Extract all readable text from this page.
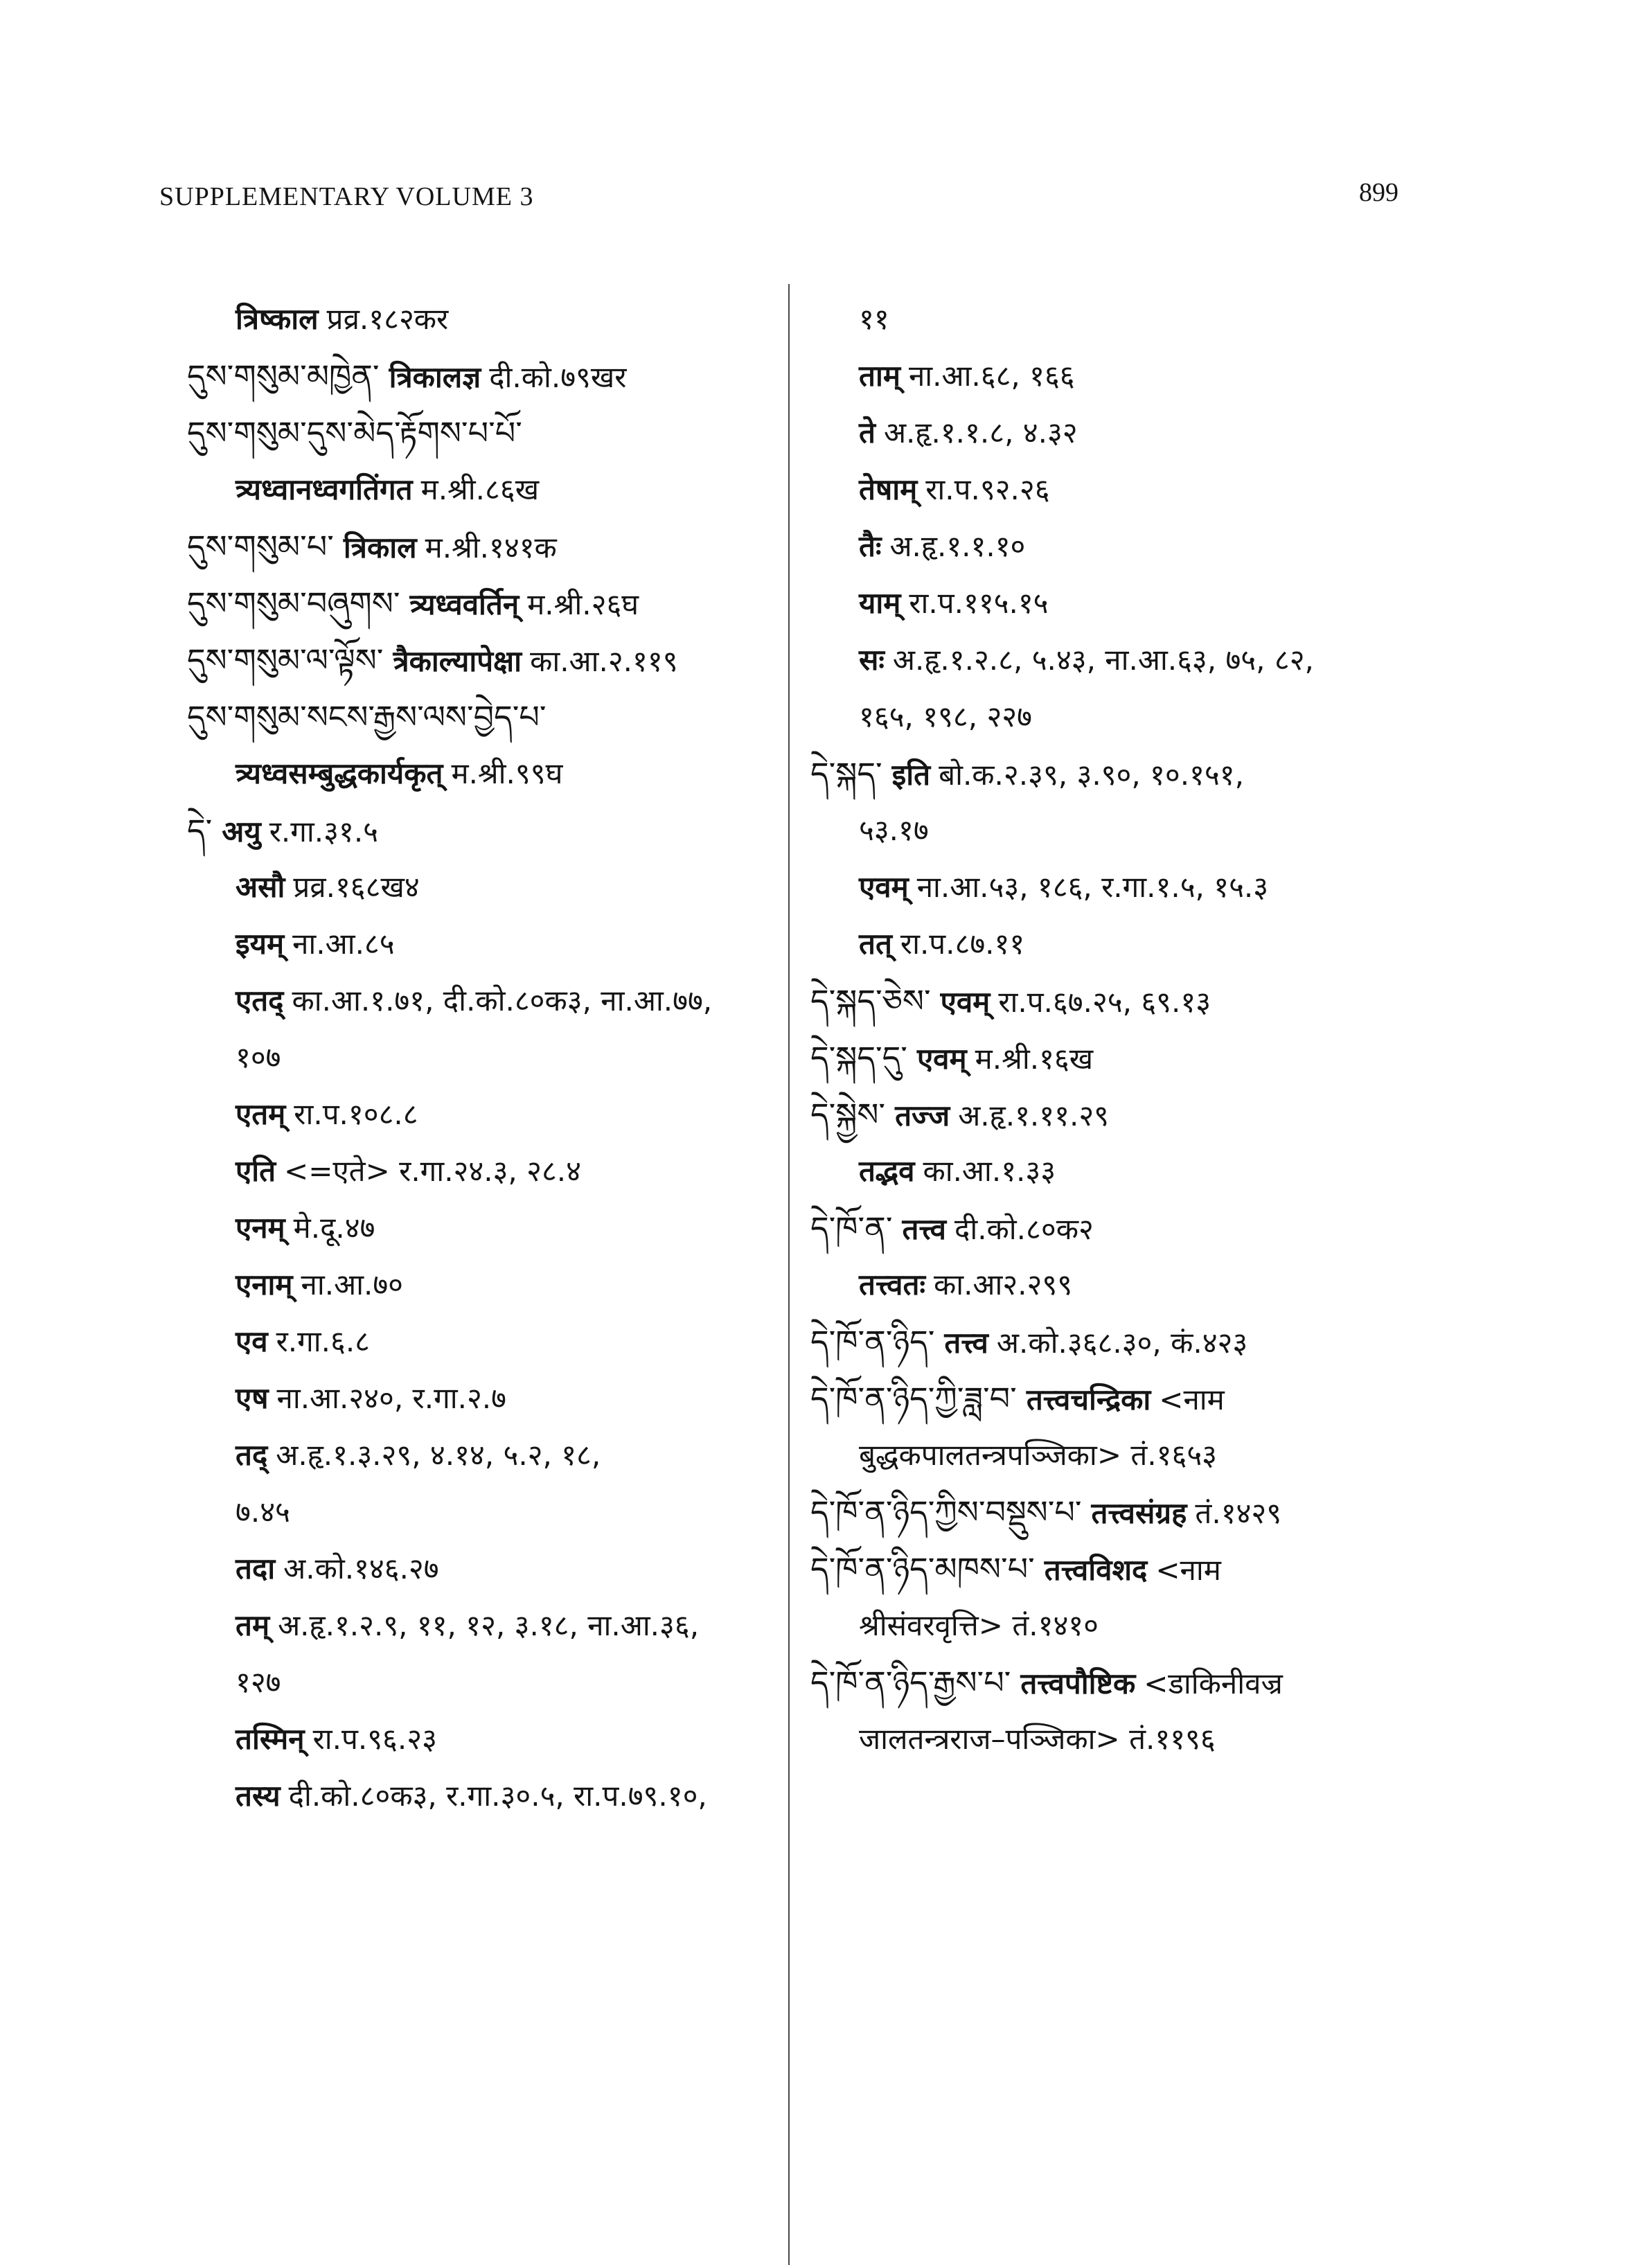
SUPPLEMENTARY VOLUME 3	899
त्रिष्काल प्रव्र.१८२कर
དུས་གསུམ་མཁྱེན་ त्रिकालज्ञ दी.को.७९खर
དུས་གསུམ་དུས་མེད་རྟོགས་པ་པོ་
त्र्यध्वानध्वगतिंगत म.श्री.८६ख
དུས་གསུམ་པ་ त्रिकाल म.श्री.१४१क
དུས་གསུམ་བཞུགས་ त्र्यध्ववर्तिन् म.श्री.२६घ
དུས་གསུམ་ལ་ལྟོས་ त्रैकाल्यापेक्षा का.आ.२.११९
དུས་གསུམ་སངས་རྒྱས་ལས་བྱེད་པ་
त्र्यध्वसम्बुद्धकार्यकृत् म.श्री.९९घ
དེ་ अयु र.गा.३१.५
असौ प्रव्र.१६८ख४
इयम् ना.आ.८५
एतद् का.आ.१.७१, दी.को.८०क३, ना.आ.७७,
१०७
एतम् रा.प.१०८.८
एति <=एते> र.गा.२४.३, २८.४
एनम् मे.दू.४७
एनाम् ना.आ.७०
एव र.गा.६.८
एष ना.आ.२४०, र.गा.२.७
तद् अ.हृ.१.३.२९, ४.१४, ५.२, १८,
७.४५
तदा अ.को.१४६.२७
तम् अ.हृ.१.२.९, ११, १२, ३.१८, ना.आ.३६,
१२७
तस्मिन् रा.प.९६.२३
तस्य दी.को.८०क३, र.गा.३०.५, रा.प.७९.१०,
११
ताम् ना.आ.६८, १६६
ते अ.हृ.१.१.८, ४.३२
तेषाम् रा.प.९२.२६
तैः अ.हृ.१.१.१०
याम् रा.प.११५.१५
सः अ.हृ.१.२.८, ५.४३, ना.आ.६३, ७५, ८२,
१६५, १९८, २२७
དེ་སྐད་ इति बो.क.२.३९, ३.९०, १०.१५१,
५३.१७
एवम् ना.आ.५३, १८६, र.गा.१.५, १५.३
तत् रा.प.८७.११
དེ་སྐད་ཅེས་ एवम् रा.प.६७.२५, ६९.१३
དེ་སྐད་དུ་ एवम् म.श्री.१६ख
དེ་སྐྱེས་ तज्ज अ.हृ.१.११.२९
तद्भव का.आ.१.३३
དེ་ཁོ་ན་ तत्त्व दी.को.८०क२
तत्त्वतः का.आ२.२९९
དེ་ཁོ་ན་ཉིད་ तत्त्व अ.को.३६८.३०, कं.४२३
དེ་ཁོ་ན་ཉིད་ཀྱི་ཟླ་བ་ तत्त्वचन्द्रिका <नाम
बुद्धकपालतन्त्रपञ्जिका> तं.१६५३
དེ་ཁོ་ན་ཉིད་ཀྱིས་བསྡུས་པ་ तत्त्वसंग्रह तं.१४२९
དེ་ཁོ་ན་ཉིད་མཁས་པ་ तत्त्वविशद <नाम
श्रीसंवरवृत्ति> तं.१४१०
དེ་ཁོ་ན་ཉིད་རྒྱས་པ་ तत्त्वपौष्टिक <डाकिनीवज्र
जालतन्त्रराज–पञ्जिका> तं.११९६
